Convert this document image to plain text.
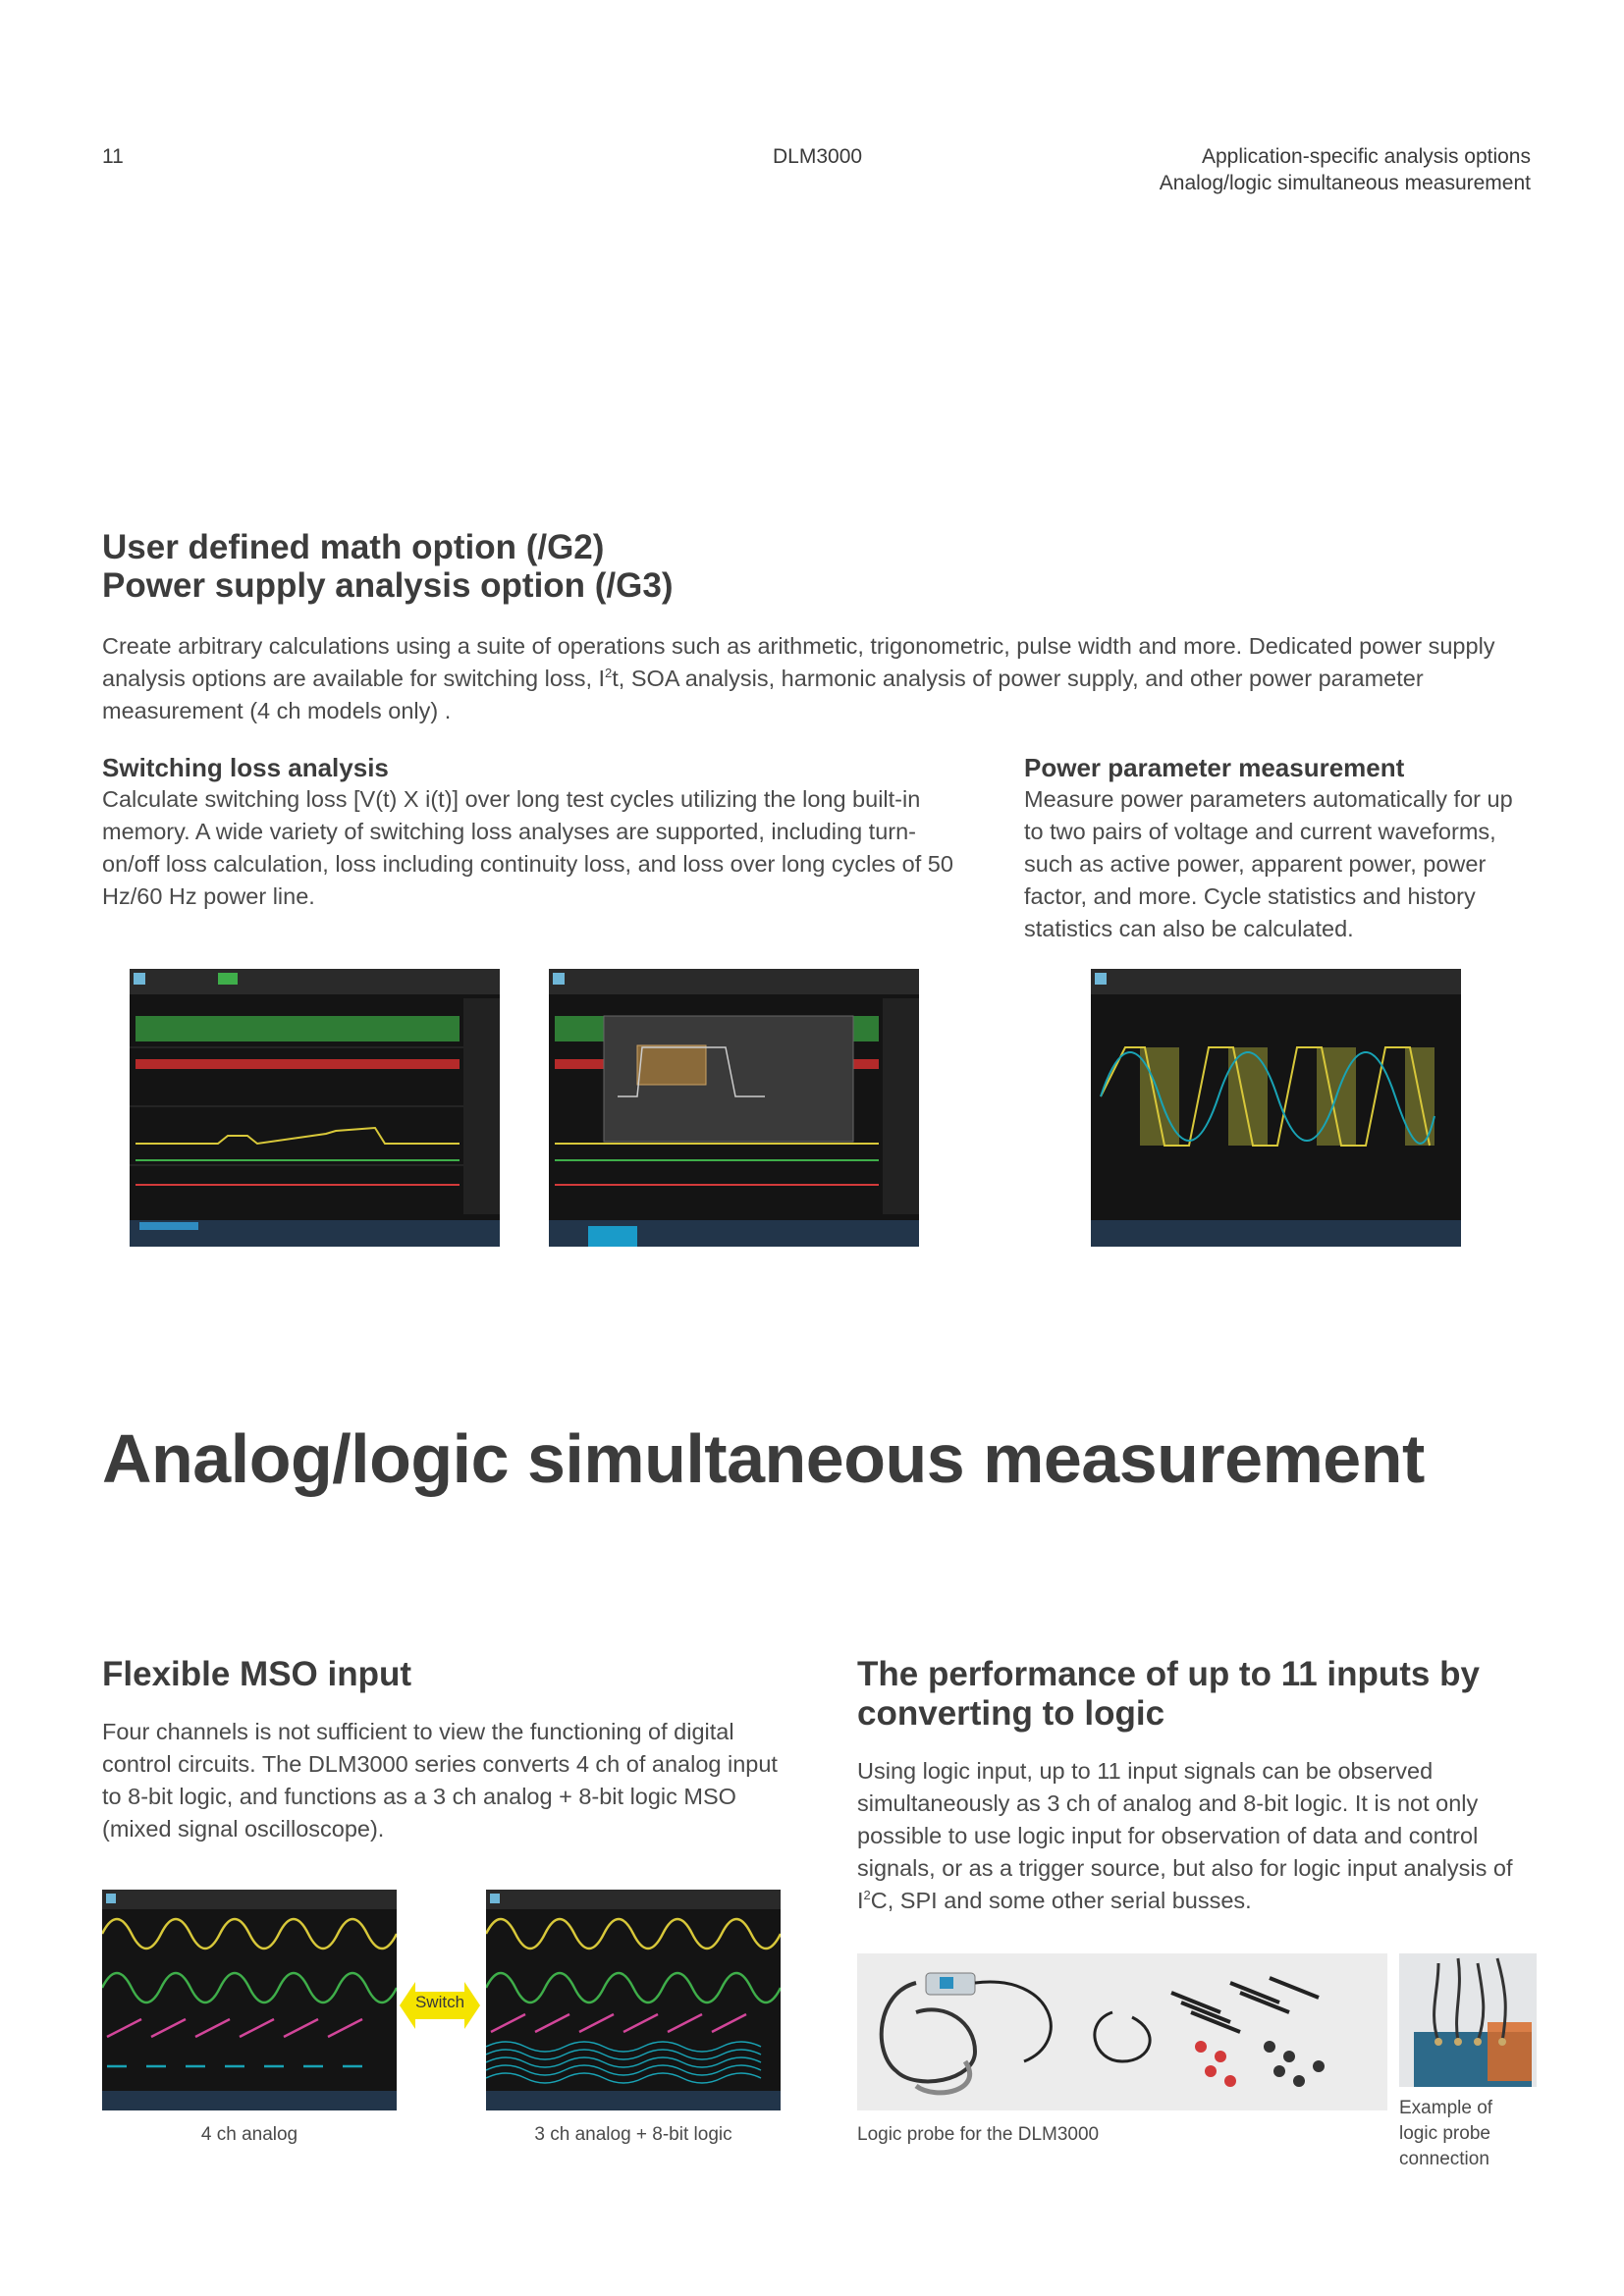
11	DLM3000	Application-specific analysis options
Analog/logic simultaneous measurement
User defined math option (/G2)
Power supply analysis option (/G3)

Create arbitrary calculations using a suite of operations such as arithmetic, trigonometric, pulse width and more. Dedicated power supply analysis options are available for switching loss, $I^2t$, SOA analysis, harmonic analysis of power supply, and other power parameter measurement (4 ch models only) .

Switching loss analysis

Calculate switching loss [V(t) X i(t)] over long test cycles utilizing the long built-in memory. A wide variety of switching loss analyses are supported, including turn-on/off loss calculation, loss including continuity loss, and loss over long cycles of 50 Hz/60 Hz power line.

Power parameter measurement

Measure power parameters automatically for up to two pairs of voltage and current waveforms, such as active power, apparent power, power factor, and more. Cycle statistics and history statistics can also be calculated.

Analog/logic simultaneous measurement
Flexible MSO input

Four channels is not sufficient to view the functioning of digital control circuits. The DLM3000 series converts 4 ch of analog input to 8-bit logic, and functions as a 3 ch analog + 8-bit logic MSO (mixed signal oscilloscope).

4 ch analog
Switch
3 ch analog + 8-bit logic
The performance of up to 11 inputs by
converting to logic

Using logic input, up to 11 input signals can be observed simultaneously as 3 ch of analog and 8-bit logic. It is not only possible to use logic input for observation of data and control signals, or as a trigger source, but also for logic input analysis of $I^2C$, SPI and some other serial busses.

Logic probe for the DLM3000
Example of
logic probe
connection
